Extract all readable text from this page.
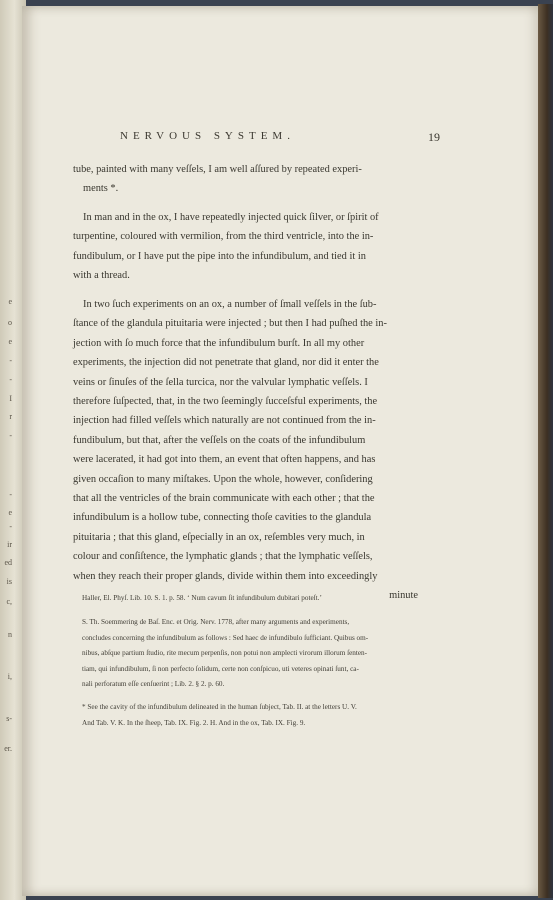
e
o
e
-
-
I
r
-
-
e
-
ir
ed
is
c,
n
i,
s-
er.
NERVOUS SYSTEM.	19

tube, painted with many veſſels, I am well aſſured by repeated experi-

ments *.

In man and in the ox, I have repeatedly injected quick ſilver, or ſpirit of

turpentine, coloured with vermilion, from the third ventricle, into the in-

fundibulum, or I have put the pipe into the infundibulum, and tied it in

with a thread.

In two ſuch experiments on an ox, a number of ſmall veſſels in the ſub-

ſtance of the glandula pituitaria were injected ; but then I had puſhed the in-

jection with ſo much force that the infundibulum burſt. In all my other

experiments, the injection did not penetrate that gland, nor did it enter the

veins or ſinuſes of the ſella turcica, nor the valvular lymphatic veſſels. I

therefore ſuſpected, that, in the two ſeemingly ſucceſsful experiments, the

injection had filled veſſels which naturally are not continued from the in-

fundibulum, but that, after the veſſels on the coats of the infundibulum

were lacerated, it had got into them, an event that often happens, and has

given occaſion to many miſtakes. Upon the whole, however, conſidering

that all the ventricles of the brain communicate with each other ; that the

infundibulum is a hollow tube, connecting thoſe cavities to the glandula

pituitaria ; that this gland, eſpecially in an ox, reſembles very much, in

colour and conſiſtence, the lymphatic glands ; that the lymphatic veſſels,

when they reach their proper glands, divide within them into exceedingly

minute

Haller, El. Phyſ. Lib. 10. S. 1. p. 58. ‘ Num cavum ſit infundibulum dubitari poteſt.’

S. Th. Soemmering de Baſ. Enc. et Orig. Nerv. 1778, after many arguments and experiments,

concludes concerning the infundibulum as follows : Sed haec de infundibulo ſufficiant. Quibus om-

nibus, abſque partium ſtudio, rite mecum perpenſis, non potui non amplecti virorum illorum ſenten-

tiam, qui infundibulum, ſi non perfecto ſolidum, certe non conſpicuo, uti veteres opinati ſunt, ca-

nali perforatum eſſe cenſuerint ; Lib. 2. § 2. p. 60.

* See the cavity of the infundibulum delineated in the human ſubject, Tab. II. at the letters U. V.

And Tab. V. K. In the ſheep, Tab. IX. Fig. 2. H. And in the ox, Tab. IX. Fig. 9.
